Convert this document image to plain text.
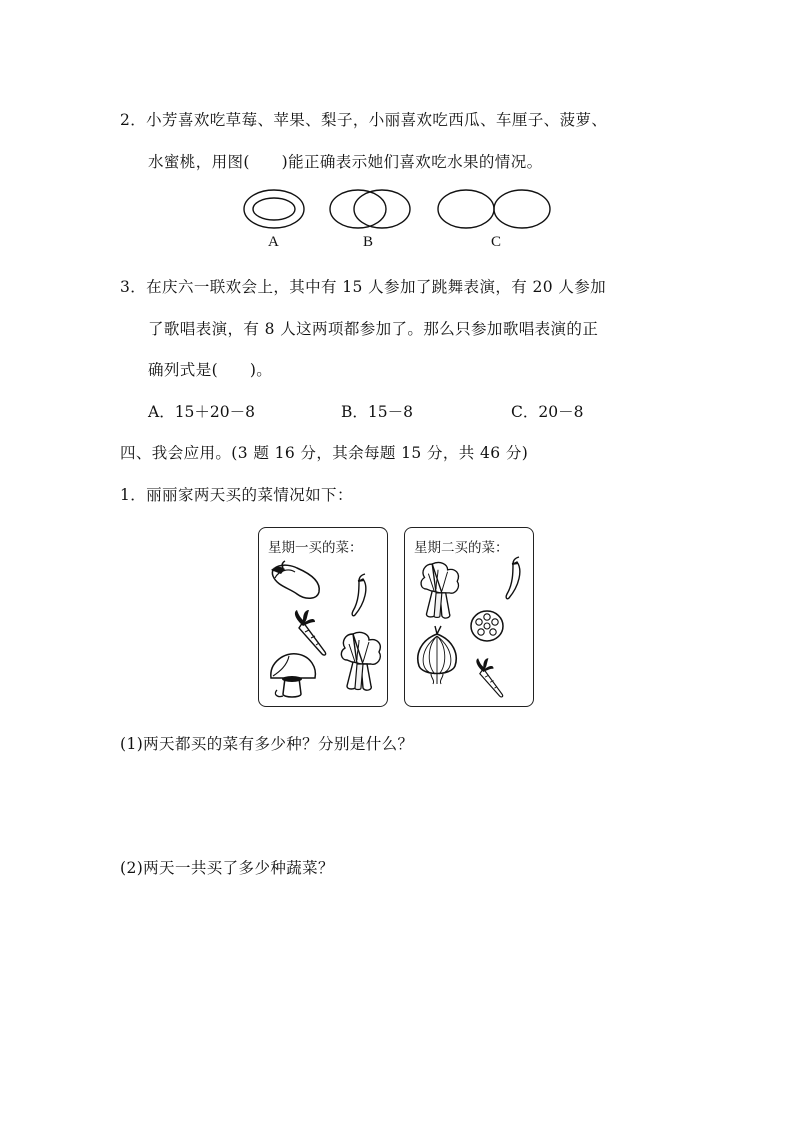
2．小芳喜欢吃草莓、苹果、梨子，小丽喜欢吃西瓜、车厘子、菠萝、
水蜜桃，用图(　　)能正确表示她们喜欢吃水果的情况。
A	B	C
3．在庆六一联欢会上，其中有 15 人参加了跳舞表演，有 20 人参加
了歌唱表演，有 8 人这两项都参加了。那么只参加歌唱表演的正
确列式是(　　)。
A．15＋20－8	B．15－8	C．20－8
四、我会应用。(3 题 16 分，其余每题 15 分，共 46 分)
1．丽丽家两天买的菜情况如下：
星期一买的菜：	星期二买的菜：
(1)两天都买的菜有多少种？分别是什么？
(2)两天一共买了多少种蔬菜？
